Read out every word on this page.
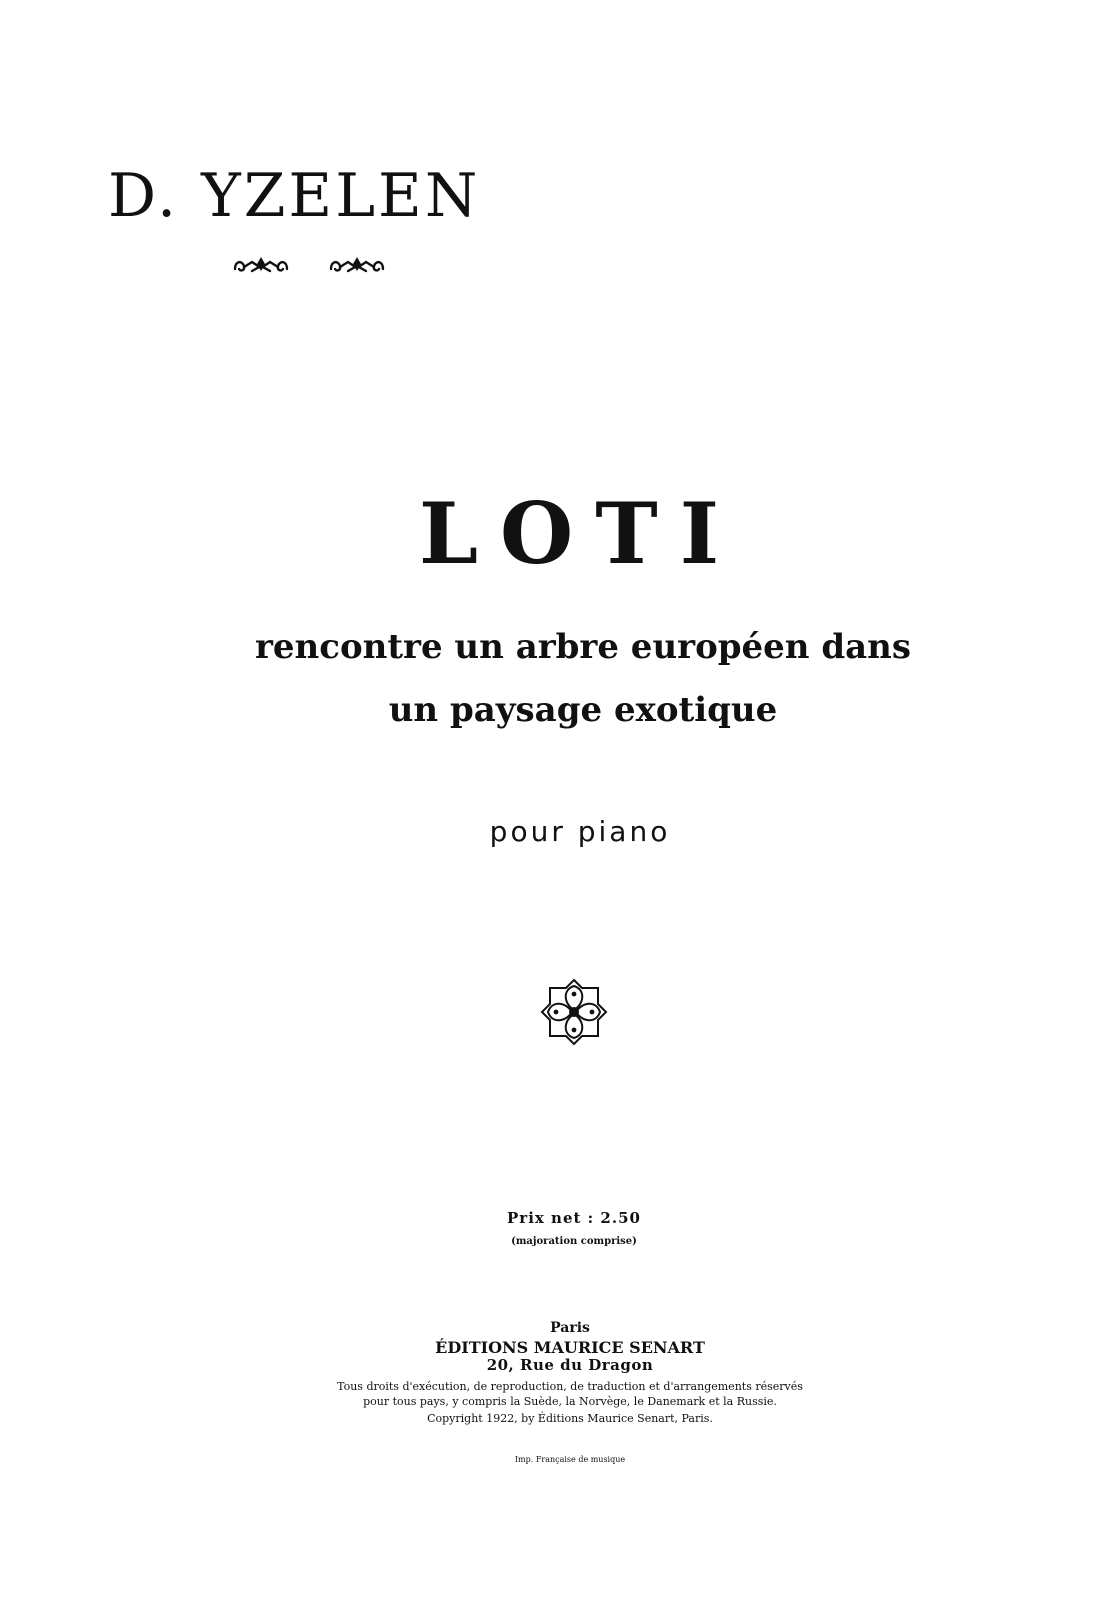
D. YZELEN
LOTI
rencontre un arbre européen dans
un paysage exotique
pour piano
Prix net : 2.50
(majoration comprise)
Paris
ÉDITIONS MAURICE SENART
20, Rue du Dragon
Tous droits d'exécution, de reproduction, de traduction et d'arrangements réservés
pour tous pays, y compris la Suède, la Norvège, le Danemark et la Russie.
Copyright 1922, by Éditions Maurice Senart, Paris.
Imp. Française de musique
